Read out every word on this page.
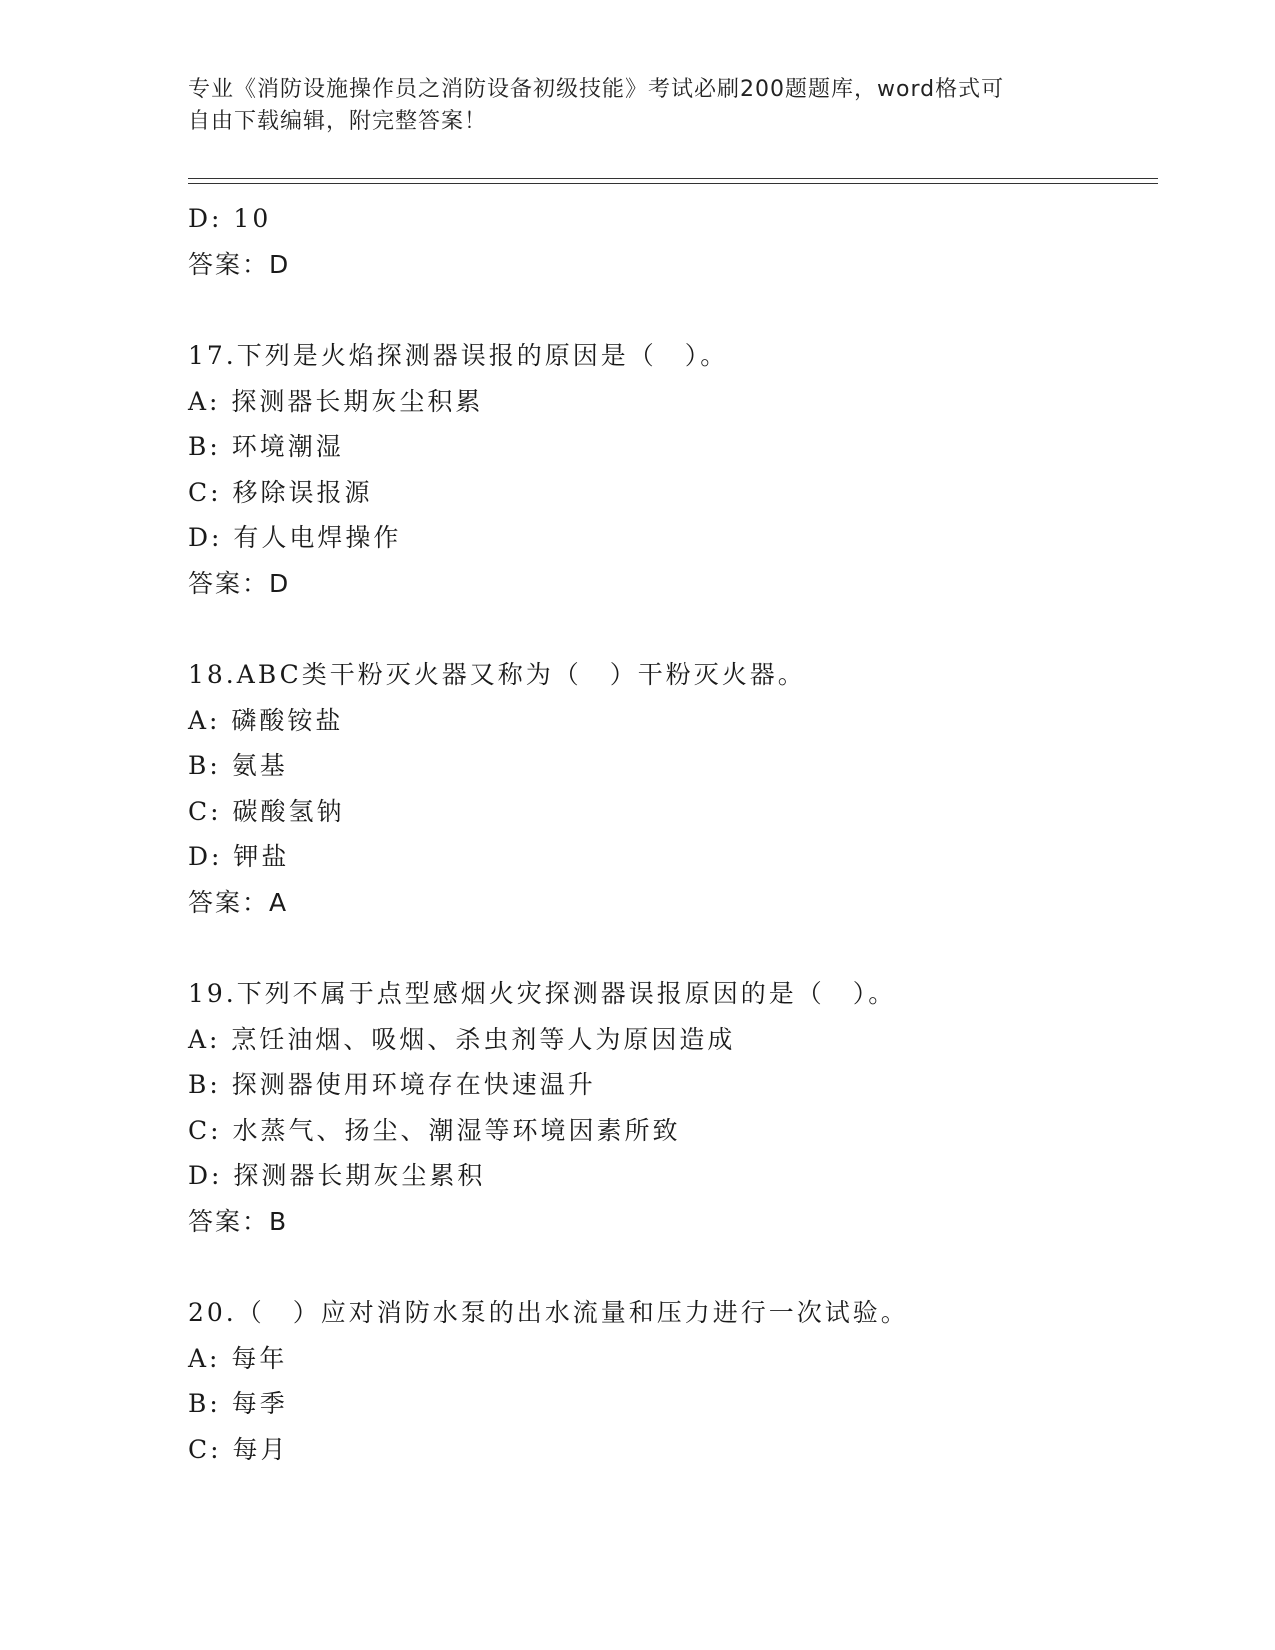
专业《消防设施操作员之消防设备初级技能》考试必刷200题题库，word格式可
自由下载编辑，附完整答案！
D: 10
答案：D
17.下列是火焰探测器误报的原因是（　）。
A: 探测器长期灰尘积累
B: 环境潮湿
C: 移除误报源
D: 有人电焊操作
答案：D
18.ABC类干粉灭火器又称为（　）干粉灭火器。
A: 磷酸铵盐
B: 氨基
C: 碳酸氢钠
D: 钾盐
答案：A
19.下列不属于点型感烟火灾探测器误报原因的是（　）。
A: 烹饪油烟、吸烟、杀虫剂等人为原因造成
B: 探测器使用环境存在快速温升
C: 水蒸气、扬尘、潮湿等环境因素所致
D: 探测器长期灰尘累积
答案：B
20.（　）应对消防水泵的出水流量和压力进行一次试验。
A: 每年
B: 每季
C: 每月
